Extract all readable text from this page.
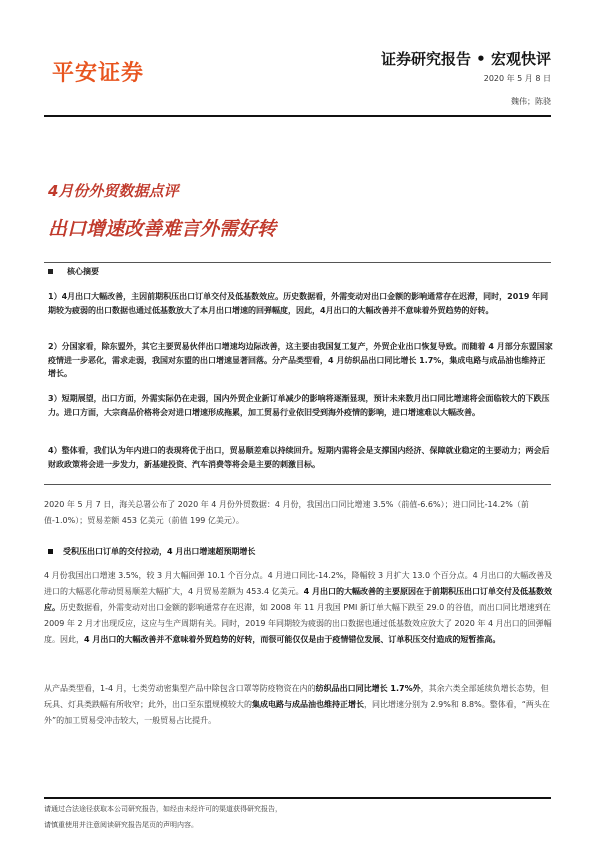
平安证券
证券研究报告 • 宏观快评
2020 年 5 月 8 日
魏伟；陈骁
4月份外贸数据点评
出口增速改善难言外需好转
核心摘要
1）4月出口大幅改善，主因前期积压出口订单交付及低基数效应。历史数据看，外需变动对出口金额的影响通常存在迟滞，同时，2019 年同期较为疲弱的出口数据也通过低基数放大了本月出口增速的回弹幅度，因此，4月出口的大幅改善并不意味着外贸趋势的好转。
2）分国家看，除东盟外，其它主要贸易伙伴出口增速均边际改善，这主要由我国复工复产，外贸企业出口恢复导致。而随着 4 月部分东盟国家疫情进一步恶化，需求走弱，我国对东盟的出口增速显著回落。分产品类型看，4 月纺织品出口同比增长 1.7%，集成电路与成品油也维持正增长。
3）短期展望，出口方面，外需实际仍在走弱，国内外贸企业新订单减少的影响将逐渐显现，预计未来数月出口同比增速将会面临较大的下跌压力。进口方面，大宗商品价格将会对进口增速形成拖累，加工贸易行业依旧受到海外疫情的影响，进口增速难以大幅改善。
4）整体看，我们认为年内进口的表现将优于出口，贸易顺差难以持续回升。短期内需将会是支撑国内经济、保障就业稳定的主要动力；两会后财政政策将会进一步发力，新基建投资、汽车消费等将会是主要的刺激目标。
2020 年 5 月 7 日，海关总署公布了 2020 年 4 月份外贸数据：4 月份，我国出口同比增速 3.5%（前值-6.6%）；进口同比-14.2%（前值-1.0%）；贸易差额 453 亿美元（前值 199 亿美元）。
受积压出口订单的交付拉动，4 月出口增速超预期增长
4 月份我国出口增速 3.5%，较 3 月大幅回弹 10.1 个百分点。4 月进口同比-14.2%，降幅较 3 月扩大 13.0 个百分点。4 月出口的大幅改善及进口的大幅恶化带动贸易顺差大幅扩大，4 月贸易差额为 453.4 亿美元。4 月出口的大幅改善的主要原因在于前期积压出口订单交付及低基数效应。历史数据看，外需变动对出口金额的影响通常存在迟滞，如 2008 年 11 月我国 PMI 新订单大幅下跌至 29.0 的谷值，而出口同比增速到在 2009 年 2 月才出现反应，这应与生产周期有关。同时，2019 年同期较为疲弱的出口数据也通过低基数效应放大了 2020 年 4 月出口的回弹幅度。因此，4 月出口的大幅改善并不意味着外贸趋势的好转，而很可能仅仅是由于疫情错位发展、订单积压交付造成的短暂推高。
从产品类型看，1-4 月，七类劳动密集型产品中除包含口罩等防疫物资在内的纺织品出口同比增长 1.7%外，其余六类全部延续负增长态势，但玩具、灯具类跌幅有所收窄；此外，出口至东盟规模较大的集成电路与成品油也维持正增长，同比增速分别为 2.9%和 8.8%。整体看，“两头在外”的加工贸易受冲击较大，一般贸易占比提升。
请通过合法途径获取本公司研究报告，如经由未经许可的渠道获得研究报告，
请慎重使用并注意阅读研究报告尾页的声明内容。
